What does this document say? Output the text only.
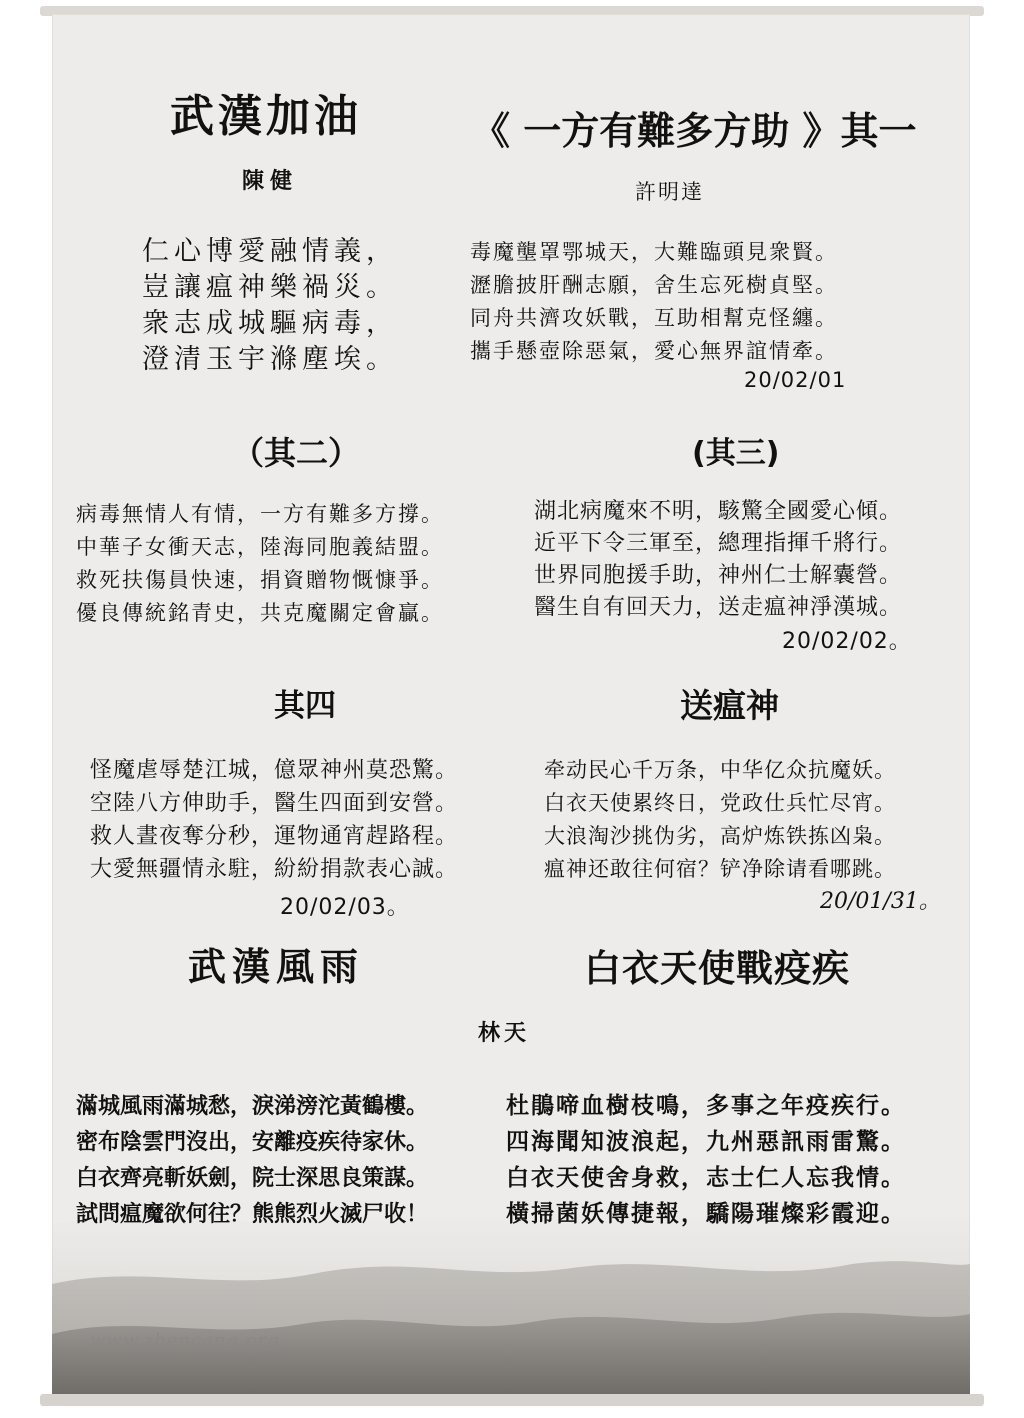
武漢加油
陳健
仁心博愛融情義，
豈讓瘟神樂禍災。
衆志成城驅病毒，
澄清玉宇滌塵埃。
《 一方有難多方助 》其一
許明達
毒魔壟罩鄂城天，大難臨頭見衆賢。
瀝膽披肝酬志願，舍生忘死樹貞堅。
同舟共濟攻妖戰，互助相幫克怪纏。
攜手懸壺除惡氣，愛心無界誼情牽。
20/02/01
（其二）
病毒無情人有情，一方有難多方撐。
中華子女衝天志，陸海同胞義結盟。
救死扶傷員快速，捐資贈物慨慷爭。
優良傳統銘青史，共克魔關定會贏。
(其三)
湖北病魔來不明，駭驚全國愛心傾。
近平下令三軍至，總理指揮千將行。
世界同胞援手助，神州仁士解囊營。
醫生自有回天力，送走瘟神淨漢城。
20/02/02。
其四
怪魔虐辱楚江城，億眾神州莫恐驚。
空陸八方伸助手，醫生四面到安營。
救人晝夜奪分秒，運物通宵趕路程。
大愛無疆情永駐，紛紛捐款表心誠。
20/02/03。
送瘟神
牵动民心千万条，中华亿众抗魔妖。
白衣天使累终日，党政仕兵忙尽宵。
大浪淘沙挑伪劣，高炉炼铁拣凶枭。
瘟神还敢往何宿？铲净除请看哪跳。
20/01/31。
武漢風雨	白衣天使戰疫疾
林天
滿城風雨滿城愁，淚涕滂沱黃鶴樓。
密布陰雲門沒出，安離疫疾待家休。
白衣齊亮斬妖劍，院士深思良策謀。
試問瘟魔欲何往？熊熊烈火滅尸收！
杜鵑啼血樹枝鳴，多事之年疫疾行。
四海聞知波浪起，九州惡訊雨雷驚。
白衣天使舍身救，志士仁人忘我情。
橫掃菌妖傳捷報，驕陽璀燦彩霞迎。
www.zhencang.org
